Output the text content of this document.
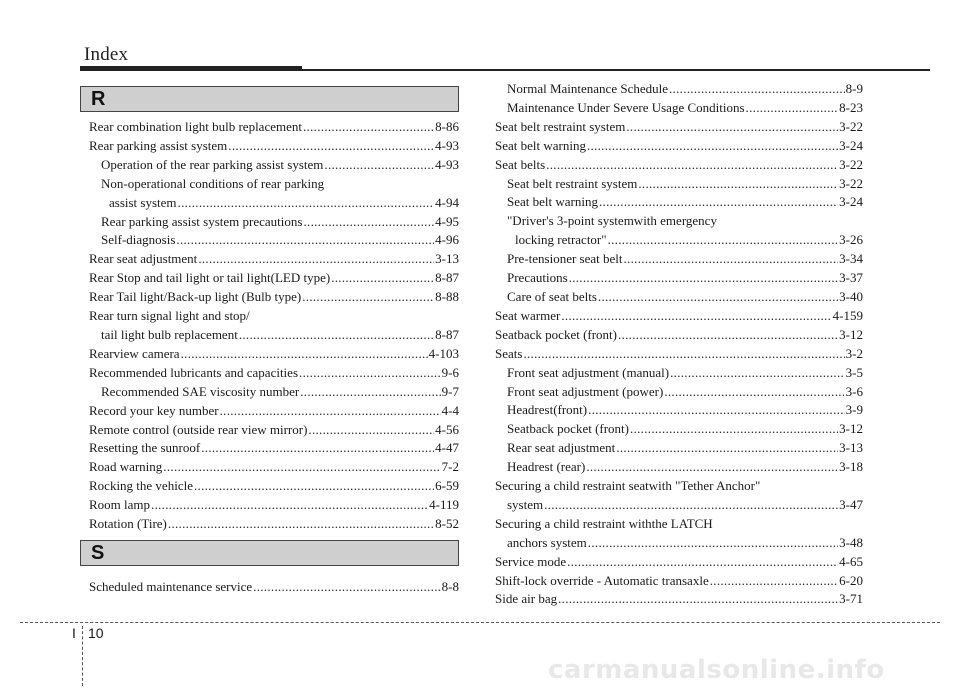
Index
R
Rear combination light bulb replacement .....	8-86
Rear parking assist system .....	4-93
Operation of the rear parking assist system .....	4-93
Non-operational conditions of rear parking
assist system .....	4-94
Rear parking assist system precautions .....	4-95
Self-diagnosis .....	4-96
Rear seat adjustment .....	3-13
Rear Stop and tail light or tail light(LED type) .....	8-87
Rear Tail light/Back-up light (Bulb type) .....	8-88
Rear turn signal light and stop/
tail light bulb replacement .....	8-87
Rearview camera .....	4-103
Recommended lubricants and capacities .....	9-6
Recommended SAE viscosity number .....	9-7
Record your key number .....	4-4
Remote control (outside rear view mirror) .....	4-56
Resetting the sunroof .....	4-47
Road warning .....	7-2
Rocking the vehicle .....	6-59
Room lamp .....	4-119
Rotation (Tire) .....	8-52
S
Scheduled maintenance service .....	8-8
Normal Maintenance Schedule .....	8-9
Maintenance Under Severe Usage Conditions .....	8-23
Seat belt restraint system .....	3-22
Seat belt warning .....	3-24
Seat belts .....	3-22
Seat belt restraint system .....	3-22
Seat belt warning .....	3-24
"Driver's 3-point systemwith emergency
locking retractor" .....	3-26
Pre-tensioner seat belt .....	3-34
Precautions .....	3-37
Care of seat belts .....	3-40
Seat warmer .....	4-159
Seatback pocket (front) .....	3-12
Seats .....	3-2
Front seat adjustment (manual) .....	3-5
Front seat adjustment (power) .....	3-6
Headrest(front) .....	3-9
Seatback pocket (front) .....	3-12
Rear seat adjustment .....	3-13
Headrest (rear) .....	3-18
Securing a child restraint seatwith "Tether Anchor"
system .....	3-47
Securing a child restraint withthe LATCH
anchors system .....	3-48
Service mode .....	4-65
Shift-lock override - Automatic transaxle .....	6-20
Side air bag .....	3-71
I 10
carmanualsonline.info
